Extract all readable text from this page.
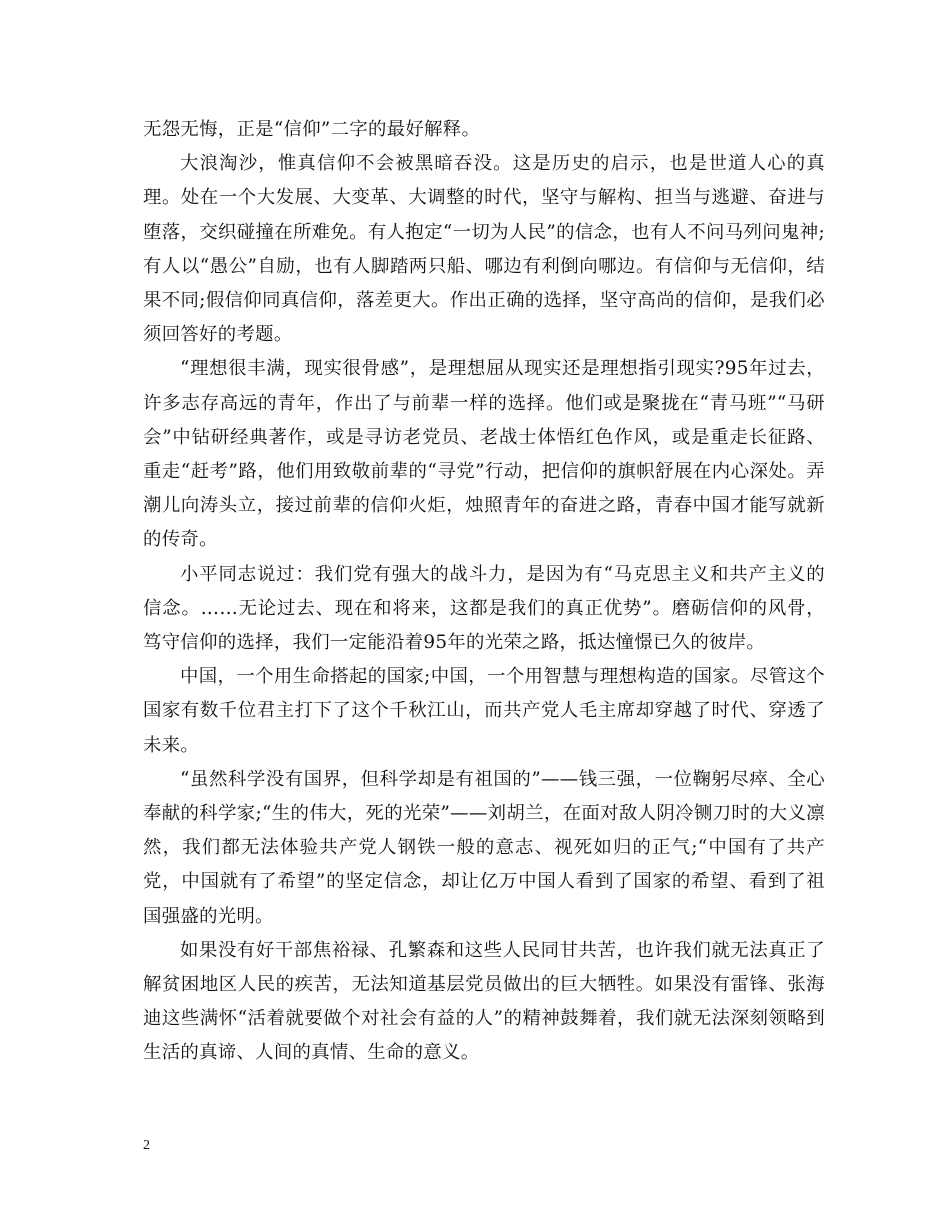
无怨无悔，正是“信仰”二字的最好解释。

大浪淘沙，惟真信仰不会被黑暗吞没。这是历史的启示，也是世道人心的真理。处在一个大发展、大变革、大调整的时代，坚守与解构、担当与逃避、奋进与堕落，交织碰撞在所难免。有人抱定“一切为人民”的信念，也有人不问马列问鬼神;有人以“愚公”自励，也有人脚踏两只船、哪边有利倒向哪边。有信仰与无信仰，结果不同;假信仰同真信仰，落差更大。作出正确的选择，坚守高尚的信仰，是我们必须回答好的考题。

“理想很丰满，现实很骨感”，是理想屈从现实还是理想指引现实?95年过去，许多志存高远的青年，作出了与前辈一样的选择。他们或是聚拢在“青马班”“马研会”中钻研经典著作，或是寻访老党员、老战士体悟红色作风，或是重走长征路、重走“赶考”路，他们用致敬前辈的“寻党”行动，把信仰的旗帜舒展在内心深处。弄潮儿向涛头立，接过前辈的信仰火炬，烛照青年的奋进之路，青春中国才能写就新的传奇。

小平同志说过：我们党有强大的战斗力，是因为有“马克思主义和共产主义的信念。……无论过去、现在和将来，这都是我们的真正优势”。磨砺信仰的风骨，笃守信仰的选择，我们一定能沿着95年的光荣之路，抵达憧憬已久的彼岸。

中国，一个用生命搭起的国家;中国，一个用智慧与理想构造的国家。尽管这个国家有数千位君主打下了这个千秋江山，而共产党人毛主席却穿越了时代、穿透了未来。

“虽然科学没有国界，但科学却是有祖国的”——钱三强，一位鞠躬尽瘁、全心奉献的科学家;“生的伟大，死的光荣”——刘胡兰，在面对敌人阴冷铡刀时的大义凛然，我们都无法体验共产党人钢铁一般的意志、视死如归的正气;“中国有了共产党，中国就有了希望”的坚定信念，却让亿万中国人看到了国家的希望、看到了祖国强盛的光明。

如果没有好干部焦裕禄、孔繁森和这些人民同甘共苦，也许我们就无法真正了解贫困地区人民的疾苦，无法知道基层党员做出的巨大牺牲。如果没有雷锋、张海迪这些满怀“活着就要做个对社会有益的人”的精神鼓舞着，我们就无法深刻领略到生活的真谛、人间的真情、生命的意义。

2
